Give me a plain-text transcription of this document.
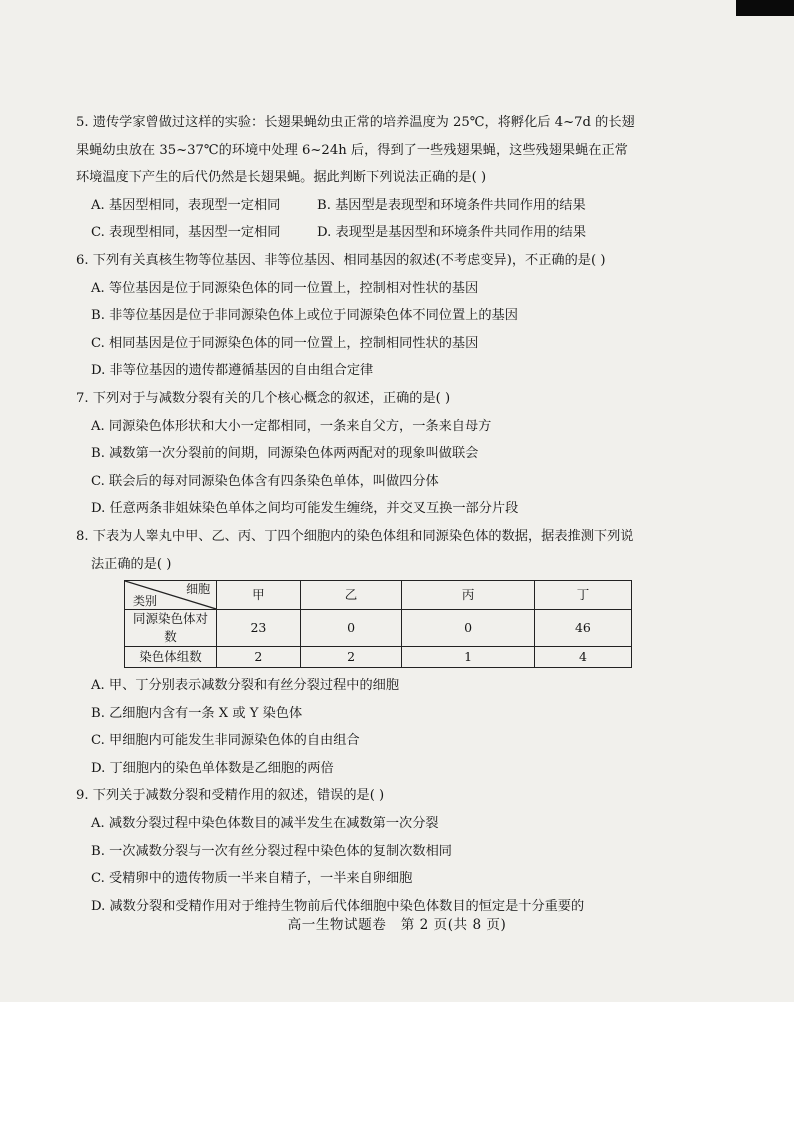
5. 遗传学家曾做过这样的实验：长翅果蝇幼虫正常的培养温度为 25℃，将孵化后 4~7d 的长翅
果蝇幼虫放在 35~37℃的环境中处理 6~24h 后，得到了一些残翅果蝇，这些残翅果蝇在正常
环境温度下产生的后代仍然是长翅果蝇。据此判断下列说法正确的是( )
A. 基因型相同，表现型一定相同	B. 基因型是表现型和环境条件共同作用的结果
C. 表现型相同，基因型一定相同	D. 表现型是基因型和环境条件共同作用的结果
6. 下列有关真核生物等位基因、非等位基因、相同基因的叙述(不考虑变异)，不正确的是( )
A. 等位基因是位于同源染色体的同一位置上，控制相对性状的基因
B. 非等位基因是位于非同源染色体上或位于同源染色体不同位置上的基因
C. 相同基因是位于同源染色体的同一位置上，控制相同性状的基因
D. 非等位基因的遗传都遵循基因的自由组合定律
7. 下列对于与减数分裂有关的几个核心概念的叙述，正确的是( )
A. 同源染色体形状和大小一定都相同，一条来自父方，一条来自母方
B. 减数第一次分裂前的间期，同源染色体两两配对的现象叫做联会
C. 联会后的每对同源染色体含有四条染色单体，叫做四分体
D. 任意两条非姐妹染色单体之间均可能发生缠绕，并交叉互换一部分片段
8. 下表为人睾丸中甲、乙、丙、丁四个细胞内的染色体组和同源染色体的数据，据表推测下列说
法正确的是( )
细胞
类别	甲	乙	丙	丁
同源染色体对数	23	0	0	46
染色体组数	2	2	1	4
A. 甲、丁分别表示减数分裂和有丝分裂过程中的细胞
B. 乙细胞内含有一条 X 或 Y 染色体
C. 甲细胞内可能发生非同源染色体的自由组合
D. 丁细胞内的染色单体数是乙细胞的两倍
9. 下列关于减数分裂和受精作用的叙述，错误的是( )
A. 减数分裂过程中染色体数目的减半发生在减数第一次分裂
B. 一次减数分裂与一次有丝分裂过程中染色体的复制次数相同
C. 受精卵中的遗传物质一半来自精子，一半来自卵细胞
D. 减数分裂和受精作用对于维持生物前后代体细胞中染色体数目的恒定是十分重要的
高一生物试题卷 第 2 页(共 8 页)
